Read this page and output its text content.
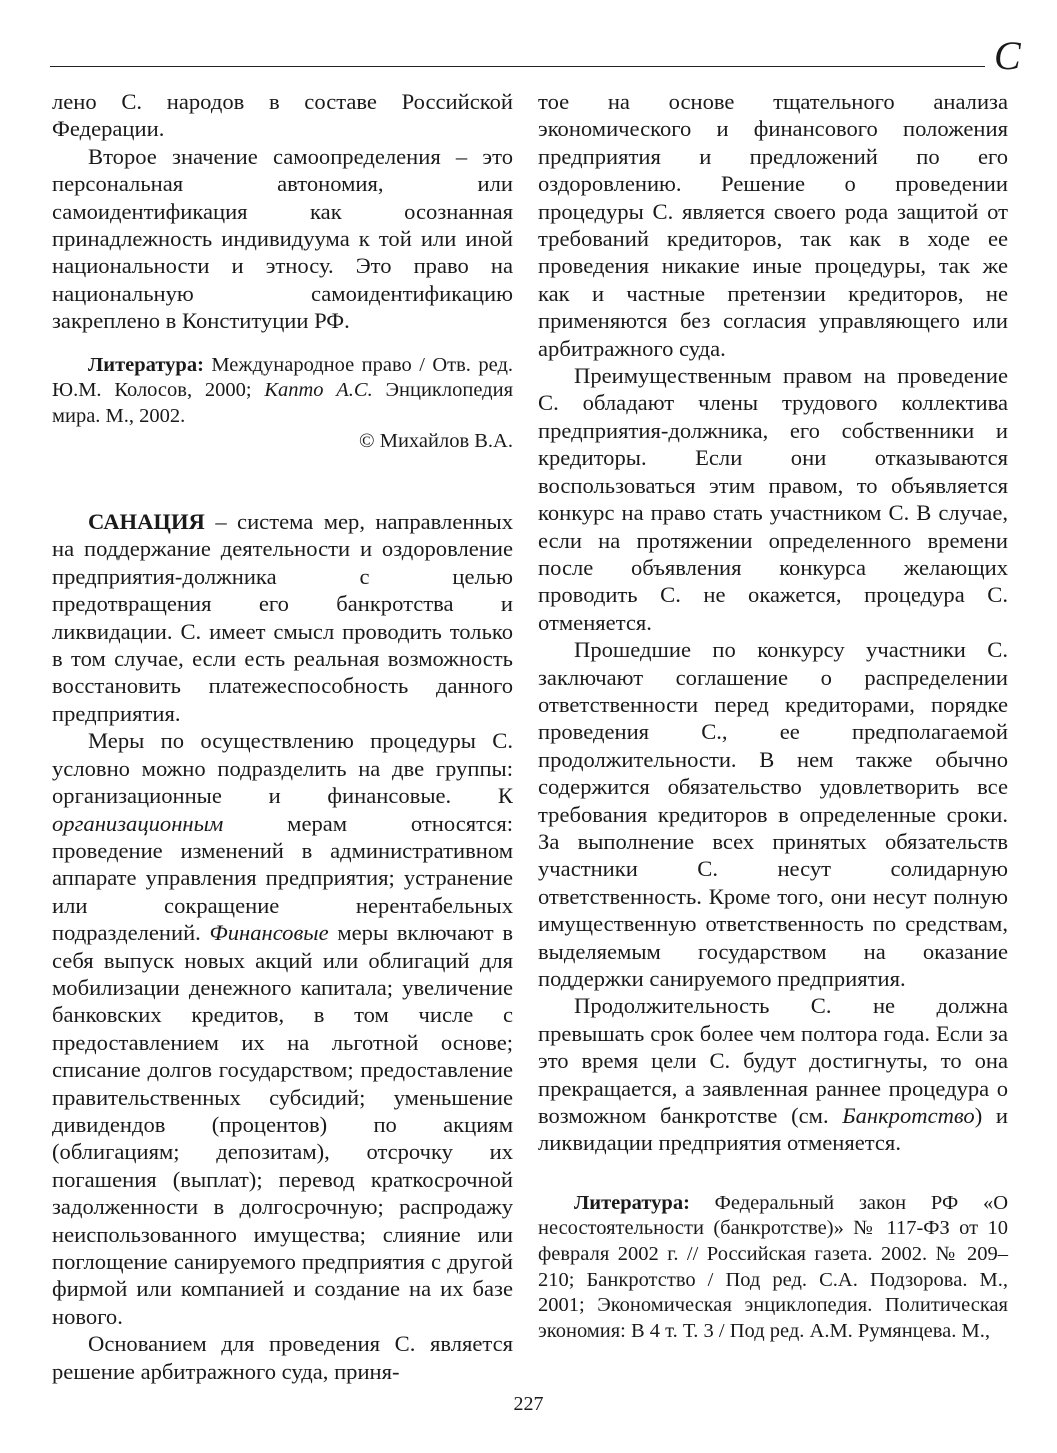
С

лено С. народов в составе Российской Федерации.

Второе значение самоопределения – это персональная автономия, или самоидентификация как осознанная принадлежность индивидуума к той или иной национальности и этносу. Это право на национальную самоидентификацию закреплено в Конституции РФ.

Литература: Международное право / Отв. ред. Ю.М. Колосов, 2000; Капто А.С. Энциклопедия мира. М., 2002.

© Михайлов В.А.

САНАЦИЯ – система мер, направленных на поддержание деятельности и оздоровление предприятия-должника с целью предотвращения его банкротства и ликвидации. С. имеет смысл проводить только в том случае, если есть реальная возможность восстановить платежеспособность данного предприятия.

Меры по осуществлению процедуры С. условно можно подразделить на две группы: организационные и финансовые. К организационным мерам относятся: проведение изменений в административном аппарате управления предприятия; устранение или сокращение нерентабельных подразделений. Финансовые меры включают в себя выпуск новых акций или облигаций для мобилизации денежного капитала; увеличение банковских кредитов, в том числе с предоставлением их на льготной основе; списание долгов государством; предоставление правительственных субсидий; уменьшение дивидендов (процентов) по акциям (облигациям; депозитам), отсрочку их погашения (выплат); перевод краткосрочной задолженности в долгосрочную; распродажу неиспользованного имущества; слияние или поглощение санируемого предприятия с другой фирмой или компанией и создание на их базе нового.

Основанием для проведения С. является решение арбитражного суда, приня-

тое на основе тщательного анализа экономического и финансового положения предприятия и предложений по его оздоровлению. Решение о проведении процедуры С. является своего рода защитой от требований кредиторов, так как в ходе ее проведения никакие иные процедуры, так же как и частные претензии кредиторов, не применяются без согласия управляющего или арбитражного суда.

Преимущественным правом на проведение С. обладают члены трудового коллектива предприятия-должника, его собственники и кредиторы. Если они отказываются воспользоваться этим правом, то объявляется конкурс на право стать участником С. В случае, если на протяжении определенного времени после объявления конкурса желающих проводить С. не окажется, процедура С. отменяется.

Прошедшие по конкурсу участники С. заключают соглашение о распределении ответственности перед кредиторами, порядке проведения С., ее предполагаемой продолжительности. В нем также обычно содержится обязательство удовлетворить все требования кредиторов в определенные сроки. За выполнение всех принятых обязательств участники С. несут солидарную ответственность. Кроме того, они несут полную имущественную ответственность по средствам, выделяемым государством на оказание поддержки санируемого предприятия.

Продолжительность С. не должна превышать срок более чем полтора года. Если за это время цели С. будут достигнуты, то она прекращается, а заявленная раннее процедура о возможном банкротстве (см. Банкротство) и ликвидации предприятия отменяется.

Литература: Федеральный закон РФ «О несостоятельности (банкротстве)» № 117-ФЗ от 10 февраля 2002 г. // Российская газета. 2002. № 209–210; Банкротство / Под ред. С.А. Подзорова. М., 2001; Экономическая энциклопедия. Политическая экономия: В 4 т. Т. 3 / Под ред. А.М. Румянцева. М.,

227
